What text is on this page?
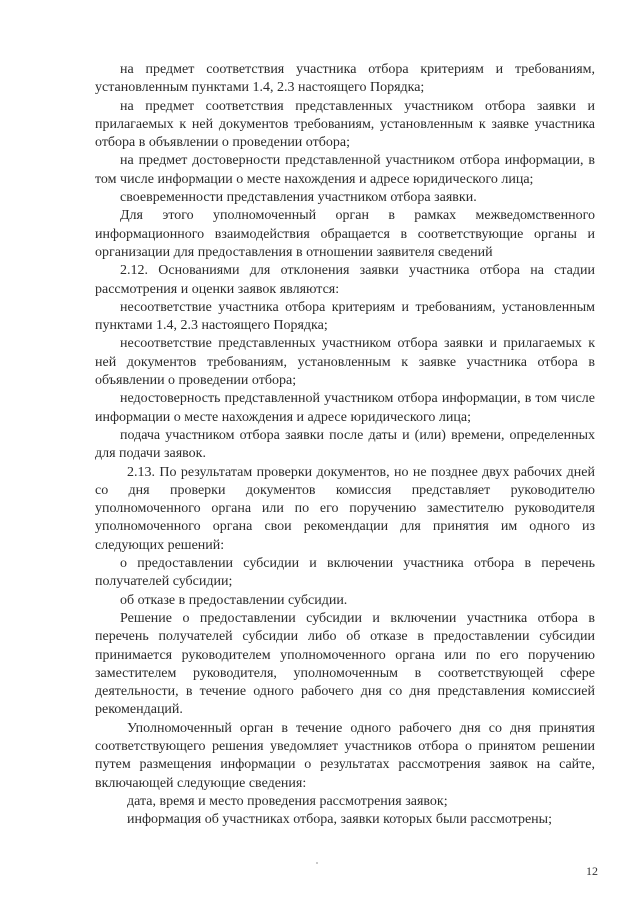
на предмет соответствия участника отбора критериям и требованиям, установленным пунктами 1.4, 2.3 настоящего Порядка;

на предмет соответствия представленных участником отбора заявки и прилагаемых к ней документов требованиям, установленным к заявке участника отбора в объявлении о проведении отбора;

на предмет достоверности представленной участником отбора информации, в том числе информации о месте нахождения и адресе юридического лица;

своевременности представления участником отбора заявки.

Для этого уполномоченный орган в рамках межведомственного информационного взаимодействия обращается в соответствующие органы и организации для предоставления в отношении заявителя сведений

2.12. Основаниями для отклонения заявки участника отбора на стадии рассмотрения и оценки заявок являются:

несоответствие участника отбора критериям и требованиям, установленным пунктами 1.4, 2.3 настоящего Порядка;

несоответствие представленных участником отбора заявки и прилагаемых к ней документов требованиям, установленным к заявке участника отбора в объявлении о проведении отбора;

недостоверность представленной участником отбора информации, в том числе информации о месте нахождения и адресе юридического лица;

подача участником отбора заявки после даты и (или) времени, определенных для подачи заявок.

2.13. По результатам проверки документов, но не позднее двух рабочих дней со дня проверки документов комиссия представляет руководителю уполномоченного органа или по его поручению заместителю руководителя уполномоченного органа свои рекомендации для принятия им одного из следующих решений:

о предоставлении субсидии и включении участника отбора в перечень получателей субсидии;

об отказе в предоставлении субсидии.

Решение о предоставлении субсидии и включении участника отбора в перечень получателей субсидии либо об отказе в предоставлении субсидии принимается руководителем уполномоченного органа или по его поручению заместителем руководителя, уполномоченным в соответствующей сфере деятельности, в течение одного рабочего дня со дня представления комиссией рекомендаций.

Уполномоченный орган в течение одного рабочего дня со дня принятия соответствующего решения уведомляет участников отбора о принятом решении путем размещения информации о результатах рассмотрения заявок на сайте, включающей следующие сведения:

дата, время и место проведения рассмотрения заявок;

информация об участниках отбора, заявки которых были рассмотрены;

12
